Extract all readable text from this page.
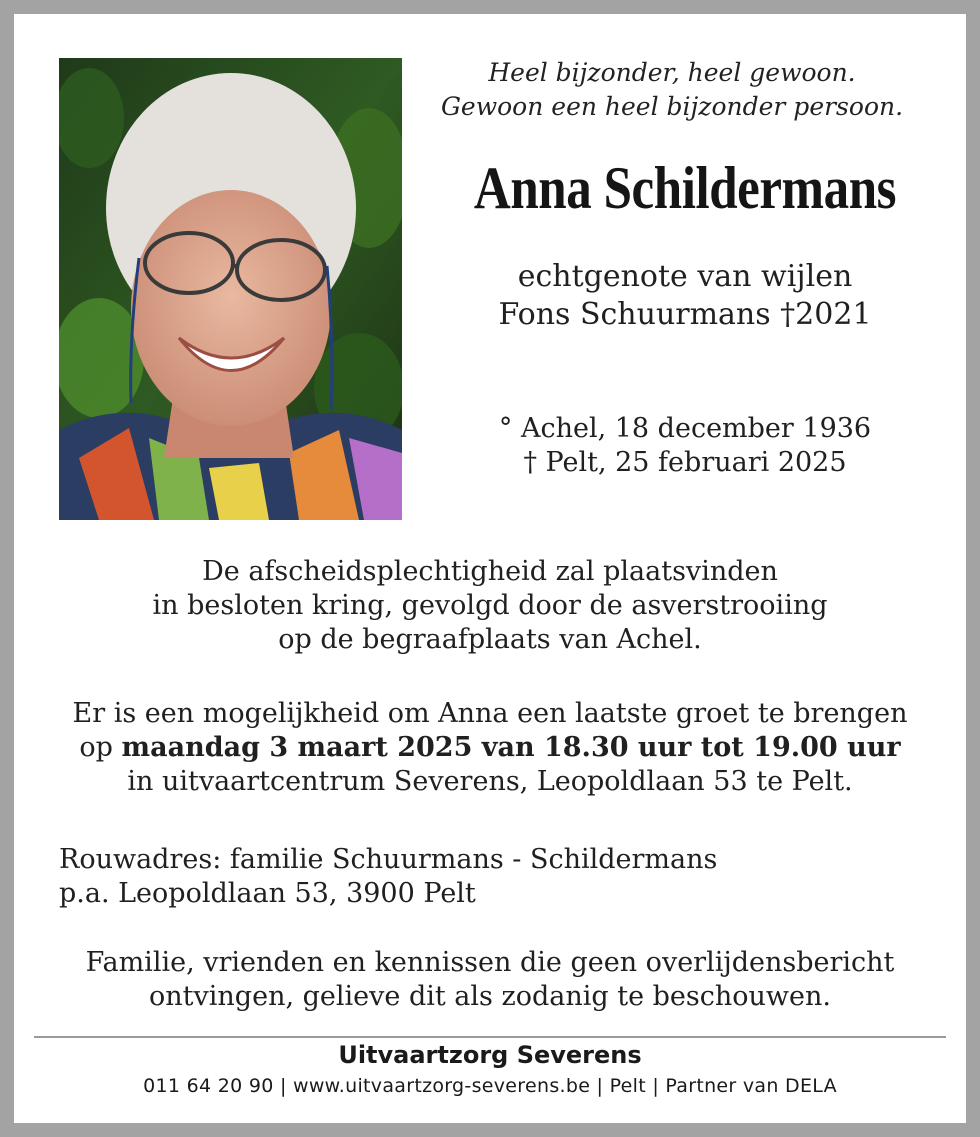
Heel bijzonder, heel gewoon.
Gewoon een heel bijzonder persoon.
Anna Schildermans
echtgenote van wijlen
Fons Schuurmans †2021
° Achel, 18 december 1936
† Pelt, 25 februari 2025
De afscheidsplechtigheid zal plaatsvinden
in besloten kring, gevolgd door de asverstrooiing
op de begraafplaats van Achel.
Er is een mogelijkheid om Anna een laatste groet te brengen
op maandag 3 maart 2025 van 18.30 uur tot 19.00 uur
in uitvaartcentrum Severens, Leopoldlaan 53 te Pelt.
Rouwadres: familie Schuurmans - Schildermans
p.a. Leopoldlaan 53, 3900 Pelt
Familie, vrienden en kennissen die geen overlijdensbericht
ontvingen, gelieve dit als zodanig te beschouwen.
Uitvaartzorg Severens
011 64 20 90 | www.uitvaartzorg-severens.be | Pelt | Partner van DELA
